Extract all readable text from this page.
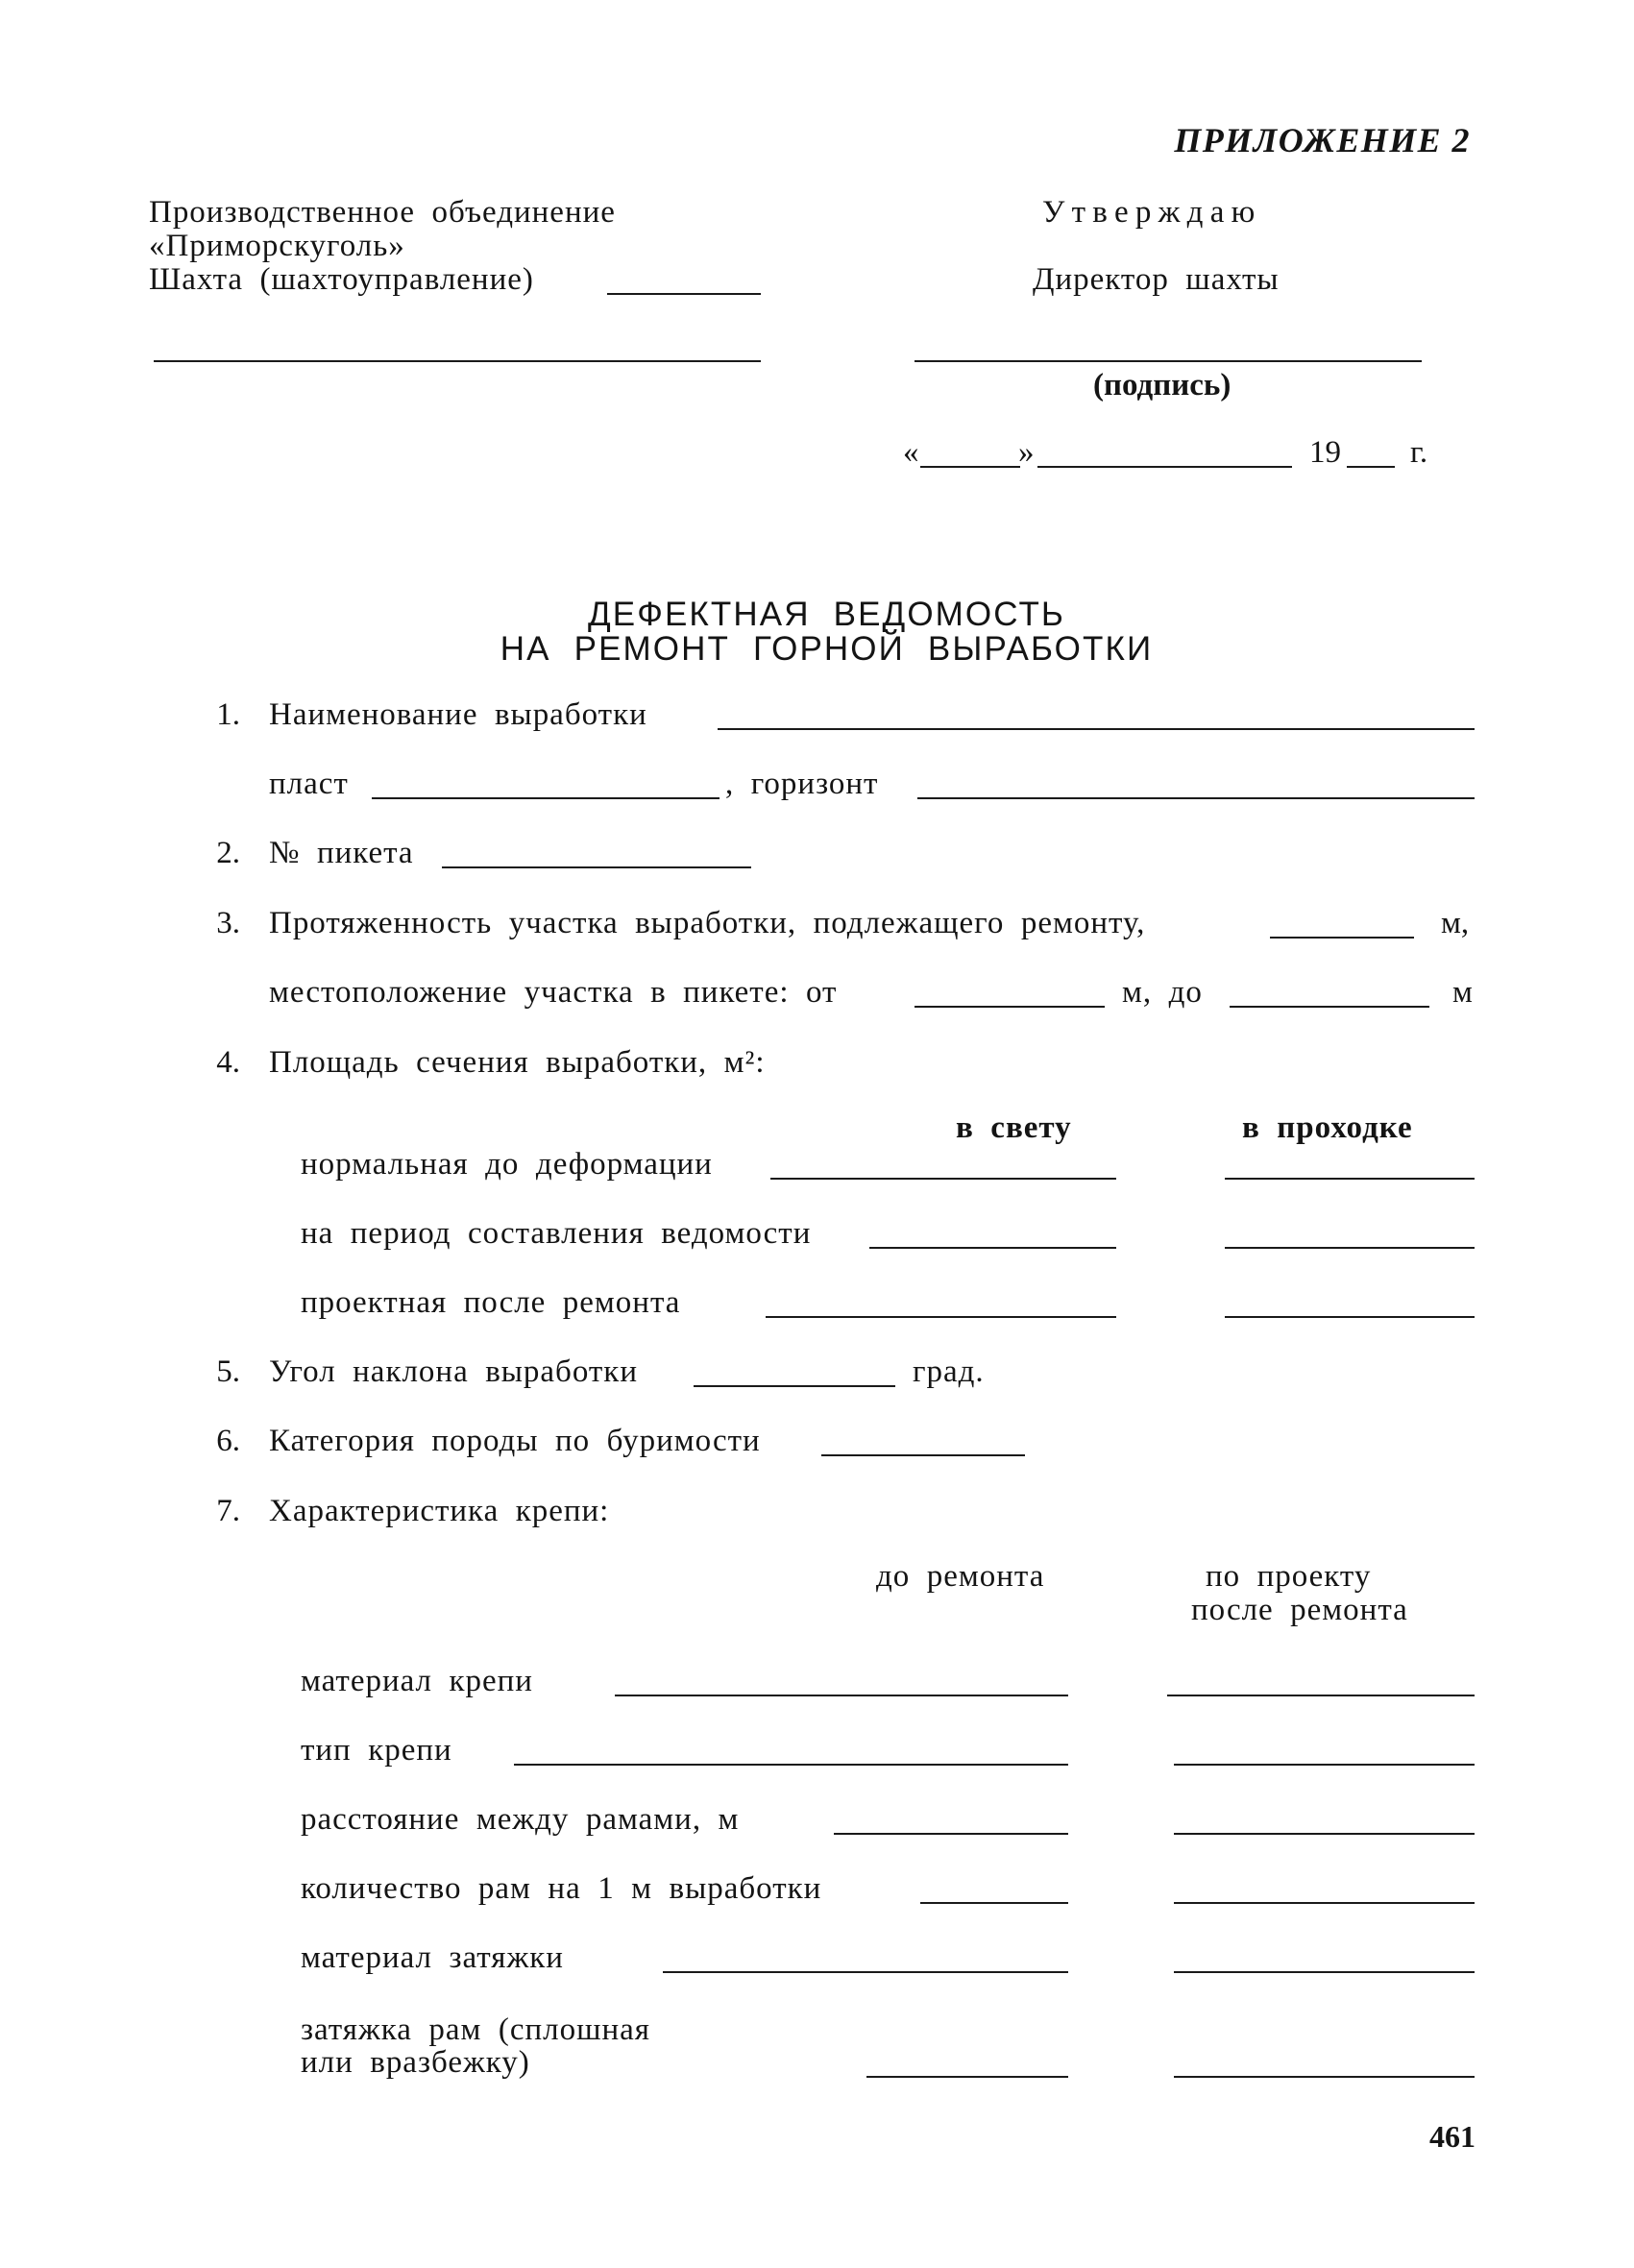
ПРИЛОЖЕНИЕ 2
Производственное объединение
«Приморскуголь»
Шахта (шахтоуправление)
Утверждаю
Директор шахты
(подпись)
«	»	19 г.
ДЕФЕКТНАЯ ВЕДОМОСТЬ
НА РЕМОНТ ГОРНОЙ ВЫРАБОТКИ
1. Наименование выработки
пласт	, горизонт
2. № пикета
3. Протяженность участка выработки, подлежащего ремонту,	м,
местоположение участка в пикете: от	м, до	м
4. Площадь сечения выработки, м²:
в свету	в проходке
нормальная до деформации
на период составления ведомости
проектная после ремонта
5. Угол наклона выработки	град.
6. Категория породы по буримости
7. Характеристика крепи:
до ремонта	по проекту
после ремонта
материал крепи
тип крепи
расстояние между рамами, м
количество рам на 1 м выработки
материал затяжки
затяжка рам (сплошная
или вразбежку)
461
